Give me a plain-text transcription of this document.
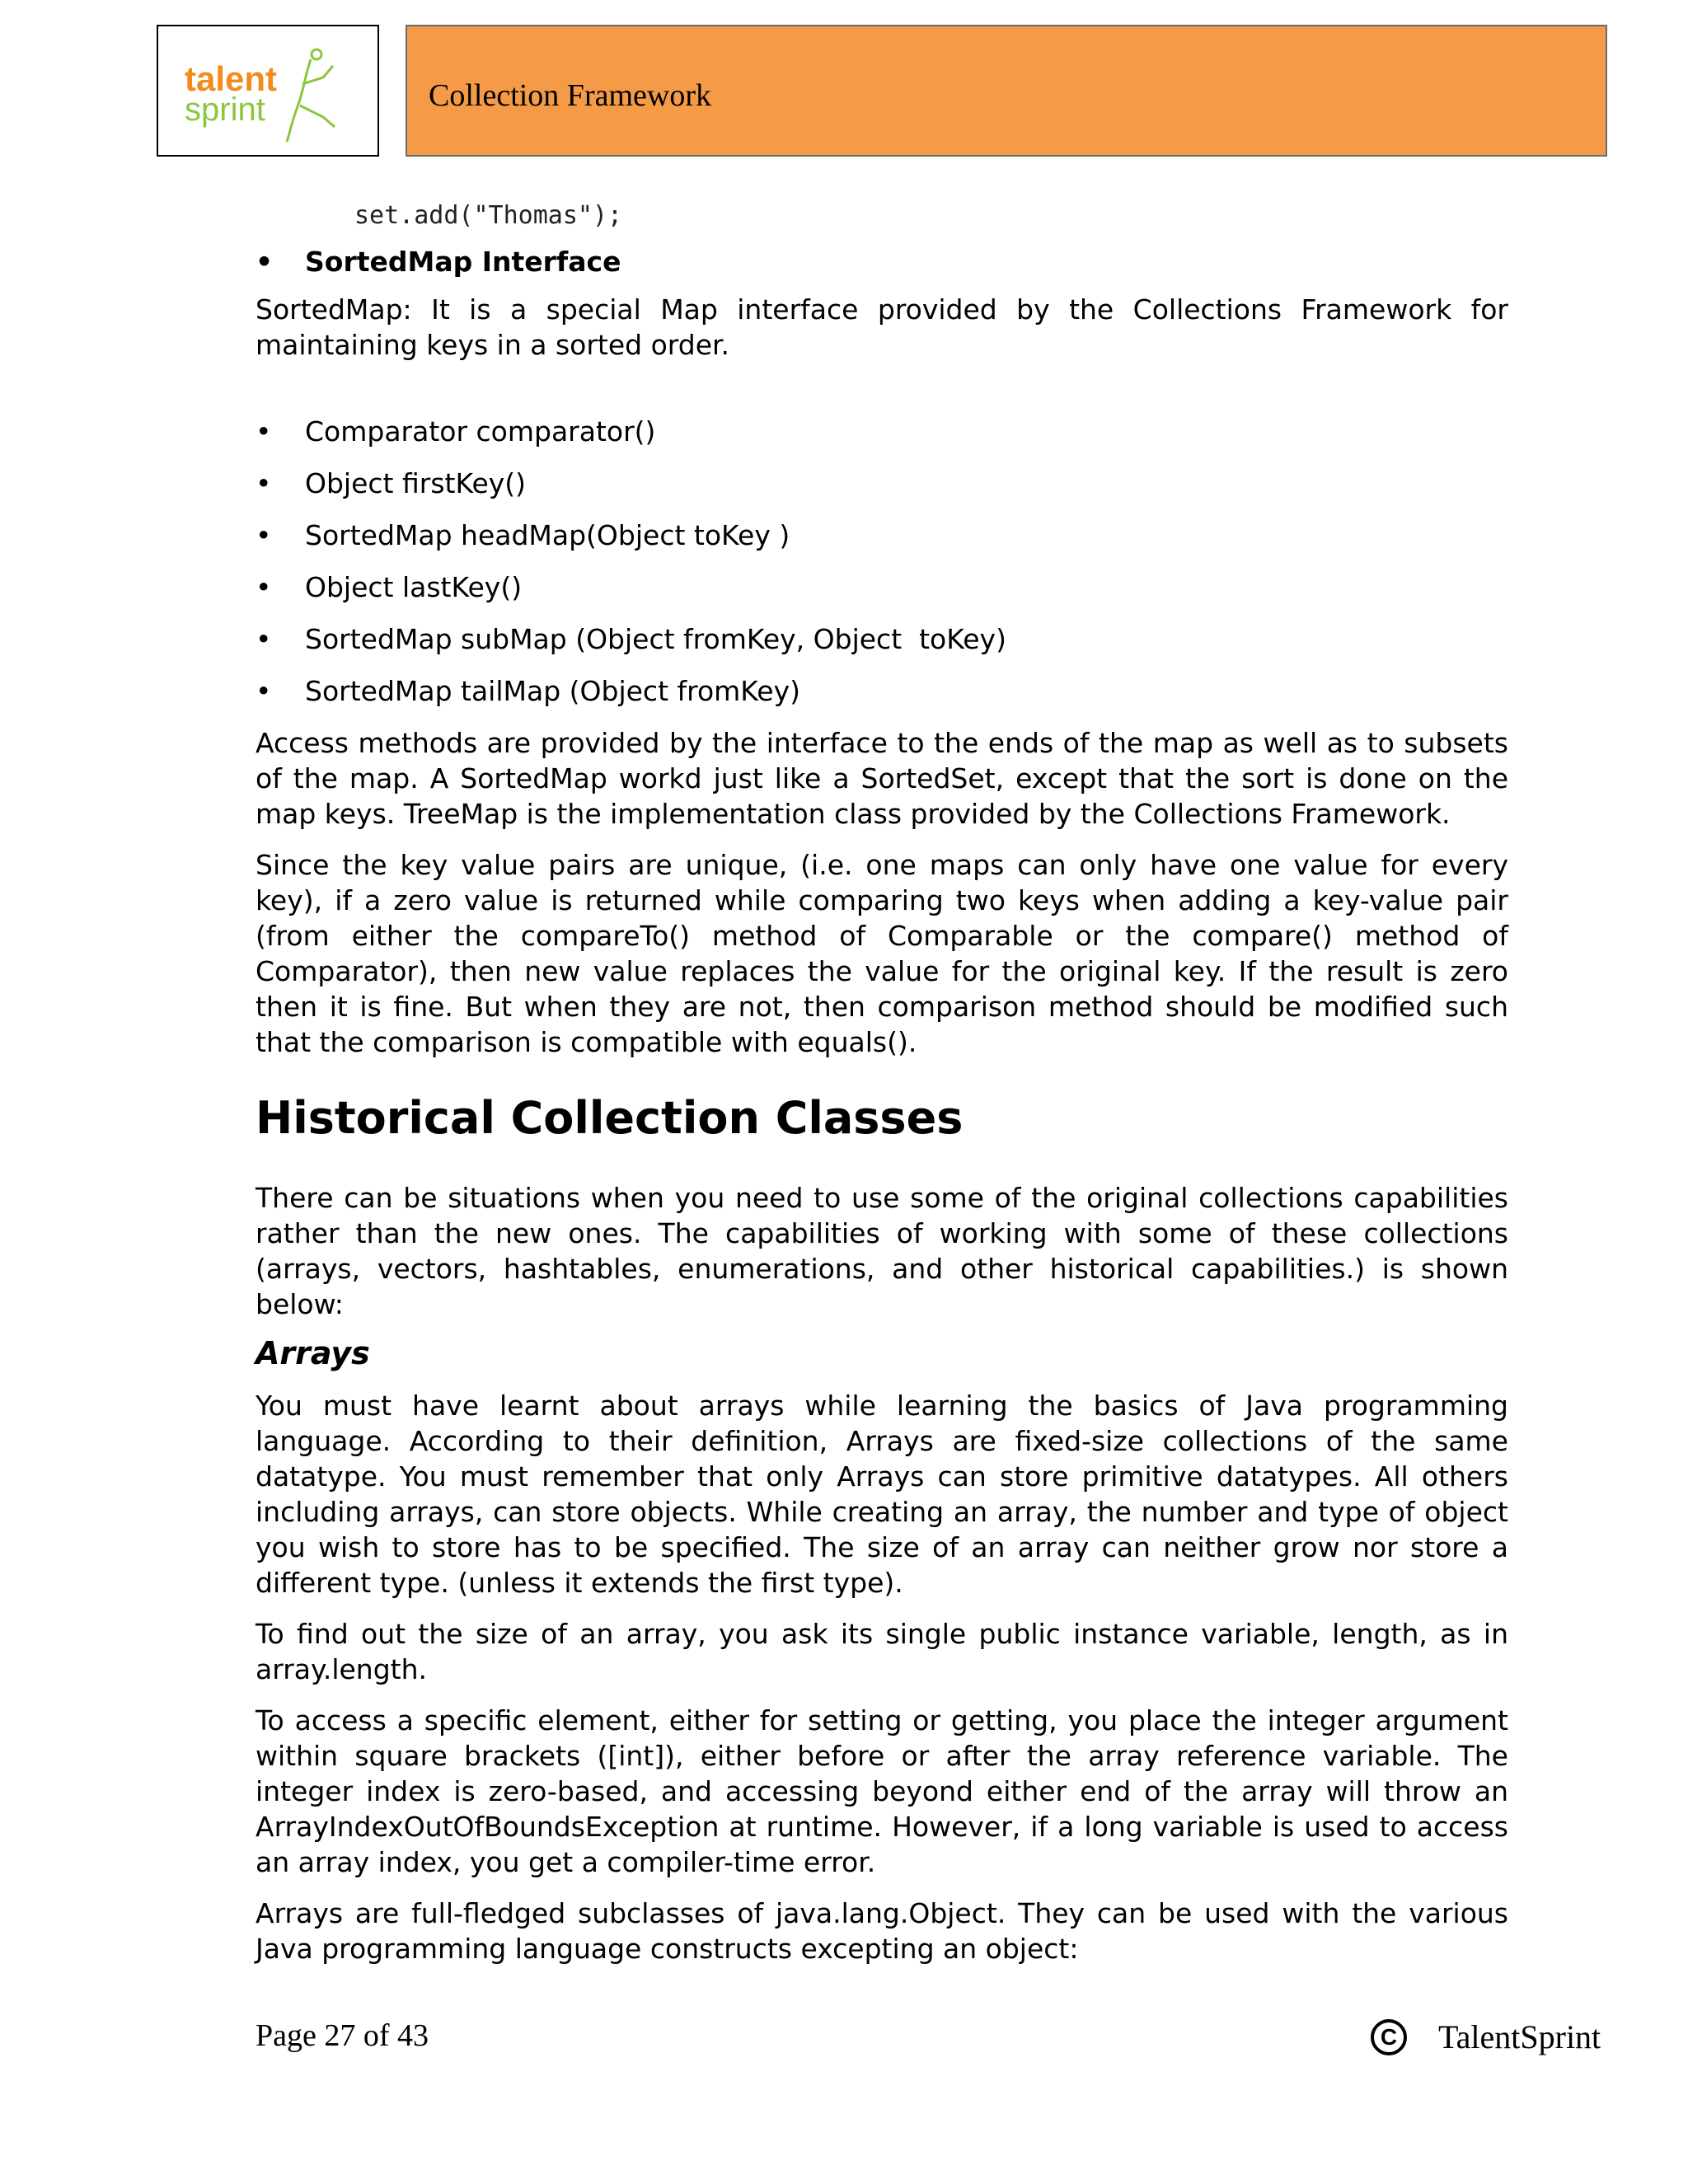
talent
sprint	Collection Framework
set.add("Thomas");
•	SortedMap Interface

SortedMap: It is a special Map interface provided by the Collections Framework for maintaining keys in a sorted order.

•	Comparator comparator()
•	Object firstKey()
•	SortedMap headMap(Object toKey )
•	Object lastKey()
•	SortedMap subMap (Object fromKey, Object  toKey)
•	SortedMap tailMap (Object fromKey)

Access methods are provided by the interface to the ends of the map as well as to subsets of the map. A SortedMap workd just like a SortedSet, except that the sort is done on the map keys. TreeMap is the implementation class provided by the Collections Framework.

Since the key value pairs are unique, (i.e. one maps can only have one value for every key), if a zero value is returned while comparing two keys when adding a key-value pair (from either the compareTo() method of Comparable or the compare() method of Comparator), then new value replaces the value for the original key. If the result is zero then it is fine. But when they are not, then comparison method should be modified such that the comparison is compatible with equals().

Historical Collection Classes

There can be situations when you need to use some of the original collections capabilities rather than the new ones. The capabilities of working with some of these collections (arrays, vectors, hashtables, enumerations, and other historical capabilities.) is shown below:

Arrays

You must have learnt about arrays while learning the basics of Java programming language. According to their definition, Arrays are fixed-size collections of the same datatype. You must remember that only Arrays can store primitive datatypes. All others including arrays, can store objects. While creating an array, the number and type of object you wish to store has to be specified. The size of an array can neither grow nor store a different type. (unless it extends the first type).

To find out the size of an array, you ask its single public instance variable, length, as in array.length.

To access a specific element, either for setting or getting, you place the integer argument within square brackets ([int]), either before or after the array reference variable. The integer index is zero-based, and accessing beyond either end of the array will throw an ArrayIndexOutOfBoundsException at runtime. However, if a long variable is used to access an array index, you get a compiler-time error.

Arrays are full-fledged subclasses of java.lang.Object. They can be used with the various Java programming language constructs excepting an object:

Page 27 of 43	C TalentSprint
